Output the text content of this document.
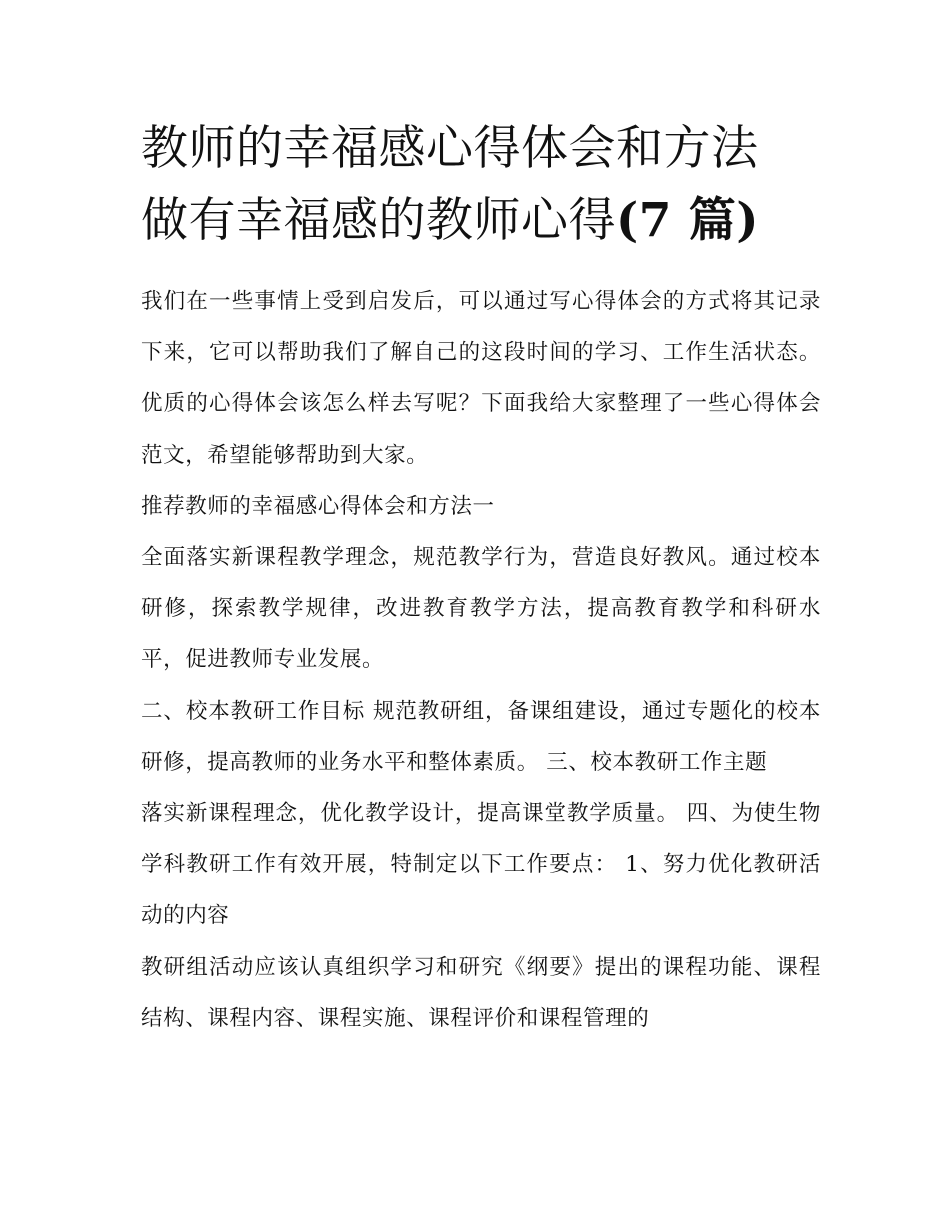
教师的幸福感心得体会和方法
做有幸福感的教师心得(7 篇)

我们在一些事情上受到启发后，可以通过写心得体会的方式将其记录下来，它可以帮助我们了解自己的这段时间的学习、工作生活状态。优质的心得体会该怎么样去写呢？下面我给大家整理了一些心得体会范文，希望能够帮助到大家。

推荐教师的幸福感心得体会和方法一

全面落实新课程教学理念，规范教学行为，营造良好教风。通过校本研修，探索教学规律，改进教育教学方法，提高教育教学和科研水平，促进教师专业发展。

二、校本教研工作目标 规范教研组，备课组建设，通过专题化的校本研修，提高教师的业务水平和整体素质。 三、校本教研工作主题

落实新课程理念，优化教学设计，提高课堂教学质量。 四、为使生物学科教研工作有效开展，特制定以下工作要点： 1、努力优化教研活动的内容

教研组活动应该认真组织学习和研究《纲要》提出的课程功能、课程结构、课程内容、课程实施、课程评价和课程管理的
